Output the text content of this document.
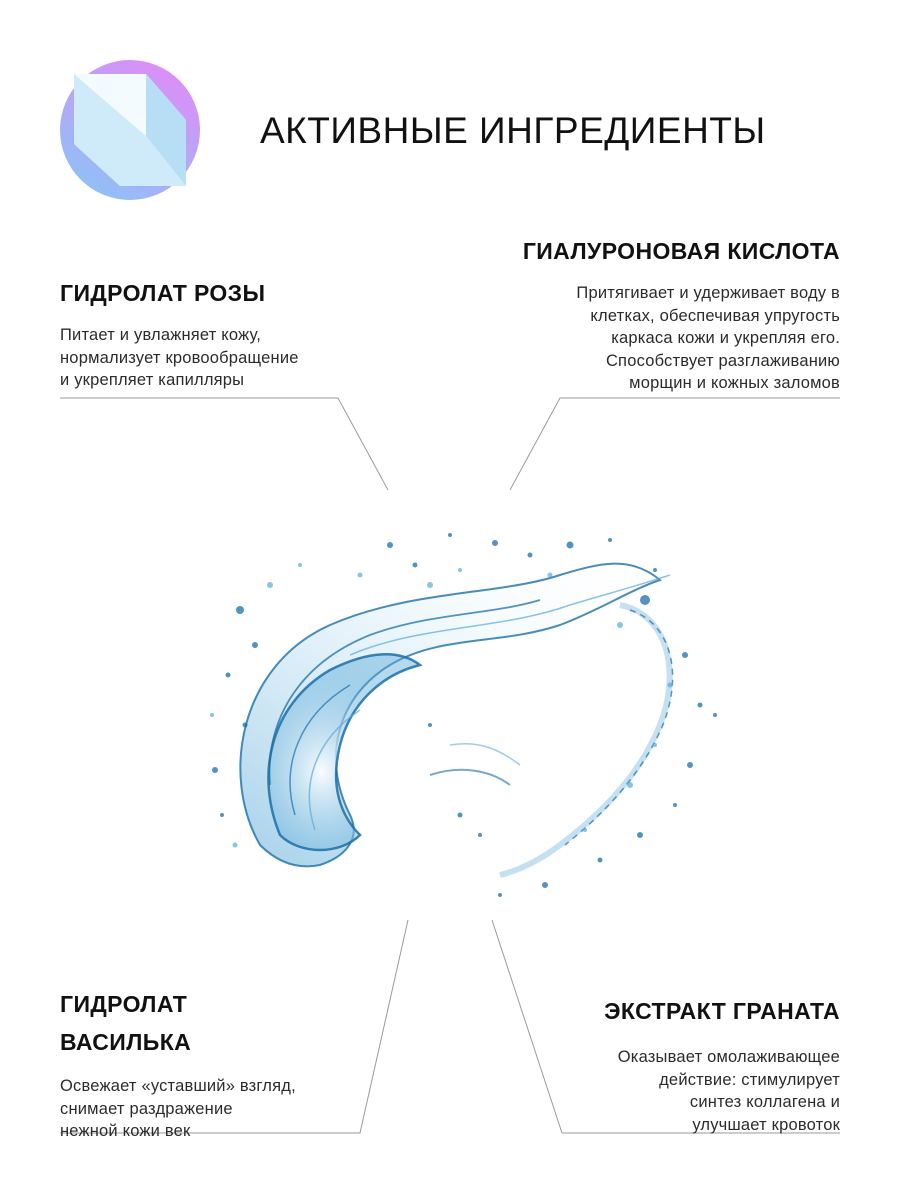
АКТИВНЫЕ ИНГРЕДИЕНТЫ
ГИДРОЛАТ РОЗЫ

Питает и увлажняет кожу,
нормализует кровообращение
и укрепляет капилляры

ГИАЛУРОНОВАЯ КИСЛОТА

Притягивает и удерживает воду в
клетках, обеспечивая упругость
каркаса кожи и укрепляя его.
Способствует разглаживанию
морщин и кожных заломов

ГИДРОЛАТ
ВАСИЛЬКА

Освежает «уставший» взгляд,
снимает раздражение
нежной кожи век

ЭКСТРАКТ ГРАНАТА

Оказывает омолаживающее
действие: стимулирует
синтез коллагена и
улучшает кровоток
